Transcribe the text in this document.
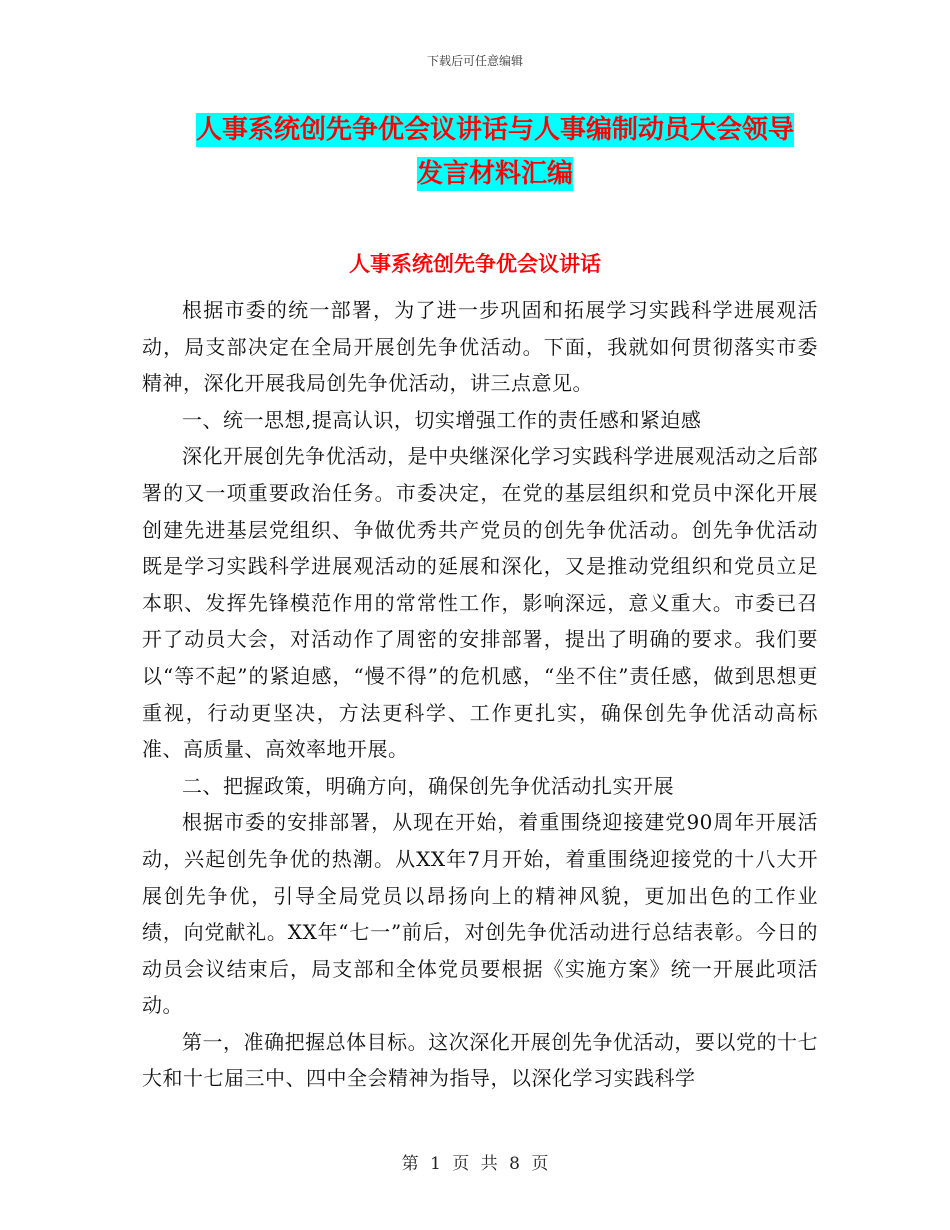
下载后可任意编辑
人事系统创先争优会议讲话与人事编制动员大会领导
发言材料汇编
人事系统创先争优会议讲话

根据市委的统一部署，为了进一步巩固和拓展学习实践科学进展观活动，局支部决定在全局开展创先争优活动。下面，我就如何贯彻落实市委精神，深化开展我局创先争优活动，讲三点意见。

一、统一思想,提高认识，切实增强工作的责任感和紧迫感

深化开展创先争优活动，是中央继深化学习实践科学进展观活动之后部署的又一项重要政治任务。市委决定，在党的基层组织和党员中深化开展创建先进基层党组织、争做优秀共产党员的创先争优活动。创先争优活动既是学习实践科学进展观活动的延展和深化，又是推动党组织和党员立足本职、发挥先锋模范作用的常常性工作，影响深远，意义重大。市委已召开了动员大会，对活动作了周密的安排部署，提出了明确的要求。我们要以“等不起”的紧迫感，“慢不得”的危机感，“坐不住”责任感，做到思想更重视，行动更坚决，方法更科学、工作更扎实，确保创先争优活动高标准、高质量、高效率地开展。

二、把握政策，明确方向，确保创先争优活动扎实开展

根据市委的安排部署，从现在开始，着重围绕迎接建党90周年开展活动，兴起创先争优的热潮。从XX年7月开始，着重围绕迎接党的十八大开展创先争优，引导全局党员以昂扬向上的精神风貌，更加出色的工作业绩，向党献礼。XX年“七一”前后，对创先争优活动进行总结表彰。今日的动员会议结束后，局支部和全体党员要根据《实施方案》统一开展此项活动。

第一，准确把握总体目标。这次深化开展创先争优活动，要以党的十七大和十七届三中、四中全会精神为指导，以深化学习实践科学

第 1 页 共 8 页
